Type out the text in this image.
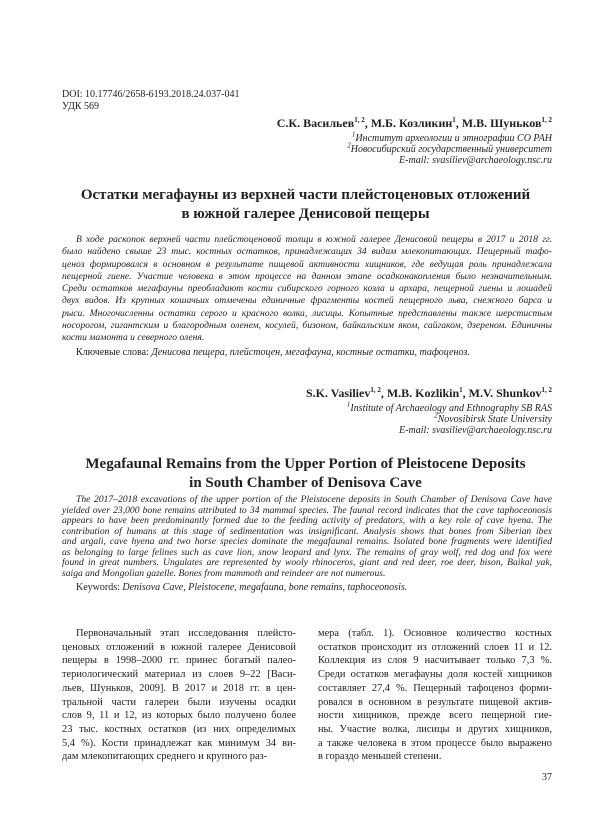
DOI: 10.17746/2658-6193.2018.24.037-041
УДК 569
С.К. Васильев$^{1, 2}$, М.Б. Козликин$^1$, М.В. Шуньков$^{1, 2}$
$^1$Институт археологии и этнографии СО РАН
$^2$Новосибирский государственный университет
E-mail: svasiliev@archaeology.nsc.ru
Остатки мегафауны из верхней части плейстоценовых отложений
в южной галерее Денисовой пещеры
В ходе раскопок верхней части плейстоценовой толщи в южной галерее Денисовой пещеры в 2017 и 2018 гг.
было найдено свыше 23 тыс. костных остатков, принадлежащих 34 видам млекопитающих. Пещерный тафо-
ценоз формировался в основном в результате пищевой активности хищников, где ведущая роль принадлежала
пещерной гиене. Участие человека в этом процессе на данном этапе осадконакопления было незначительным.
Среди остатков мегафауны преобладают кости сибирского горного козла и архара, пещерной гиены и лошадей
двух видов. Из крупных кошачьих отмечены единичные фрагменты костей пещерного льва, снежного барса и
рыси. Многочисленны остатки серого и красного волка, лисицы. Копытные представлены также шерстистым
носорогом, гигантским и благородным оленем, косулей, бизоном, байкальским яком, сайгаком, дзереном. Единичны
кости мамонта и северного оленя.
Ключевые слова: Денисова пещера, плейстоцен, мегафауна, костные остатки, тафоценоз.
S.K. Vasiliev$^{1, 2}$, M.B. Kozlikin$^1$, M.V. Shunkov$^{1, 2}$
$^1$Institute of Archaeology and Ethnography SB RAS
$^2$Novosibirsk State University
E-mail: svasiliev@archaeology.nsc.ru
Megafaunal Remains from the Upper Portion of Pleistocene Deposits
in South Chamber of Denisova Cave
The 2017–2018 excavations of the upper portion of the Pleistocene deposits in South Chamber of Denisova Cave have
yielded over 23,000 bone remains attributed to 34 mammal species. The faunal record indicates that the cave taphoceonosis
appears to have been predominantly formed due to the feeding activity of predators, with a key role of cave hyena. The
contribution of humans at this stage of sedimentation was insignificant. Analysis shows that bones from Siberian ibex
and argali, cave hyena and two horse species dominate the megafaunal remains. Isolated bone fragments were identified
as belonging to large felines such as cave lion, snow leopard and lynx. The remains of gray wolf, red dog and fox were
found in great numbers. Ungulates are represented by wooly rhinoceros, giant and red deer, roe deer, bison, Baikal yak,
saiga and Mongolian gazelle. Bones from mammoth and reindeer are not numerous.
Keywords: Denisova Cave, Pleistocene, megafauna, bone remains, taphoceonosis.
Первоначальный этап исследования плейсто-
ценовых отложений в южной галерее Денисовой
пещеры в 1998–2000 гг. принес богатый палео-
териологический материал из слоев 9–22 [Васи-
льев, Шуньков, 2009]. В 2017 и 2018 гг. в цен-
тральной части галереи были изучены осадки
слов 9, 11 и 12, из которых было получено более
23 тыс. костных остатков (из них определимых
5,4 %). Кости принадлежат как минимум 34 ви-
дам млекопитающих среднего и крупного раз-
мера (табл. 1). Основное количество костных
остатков происходит из отложений слоев 11 и 12.
Коллекция из слоя 9 насчитывает только 7,3 %.
Среди остатков мегафауны доля костей хищников
составляет 27,4 %. Пещерный тафоценоз форми-
ровался в основном в результате пищевой актив-
ности хищников, прежде всего пещерной гие-
ны. Участие волка, лисицы и других хищников,
а также человека в этом процессе было выражено
в гораздо меньшей степени.
37
